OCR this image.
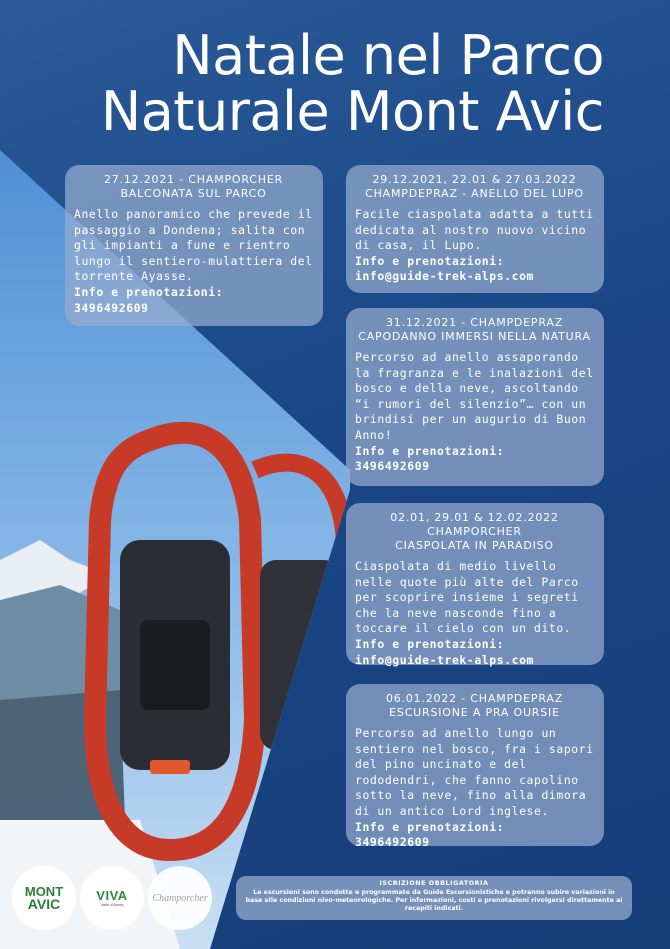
Natale nel Parco
Naturale Mont Avic
27.12.2021 - CHAMPORCHER
BALCONATA SUL PARCO
Anello panoramico che prevede il passaggio a Dondena; salita con gli impianti a fune e rientro lungo il sentiero-mulattiera del torrente Ayasse.
Info e prenotazioni:
3496492609
29.12.2021, 22.01 & 27.03.2022
CHAMPDEPRAZ - ANELLO DEL LUPO
Facile ciaspolata adatta a tutti dedicata al nostro nuovo vicino di casa, il Lupo.
Info e prenotazioni:
info@guide-trek-alps.com
31.12.2021 - CHAMPDEPRAZ
CAPODANNO IMMERSI NELLA NATURA
Percorso ad anello assaporando la fragranza e le inalazioni del bosco e della neve, ascoltando “i rumori del silenzio”… con un brindisi per un augurio di Buon Anno!
Info e prenotazioni:
3496492609
02.01, 29.01 & 12.02.2022
CHAMPORCHER
CIASPOLATA IN PARADISO
Ciaspolata di medio livello nelle quote più alte del Parco per scoprire insieme i segreti che la neve nasconde fino a toccare il cielo con un dito.
Info e prenotazioni:
info@guide-trek-alps.com
06.01.2022 - CHAMPDEPRAZ
ESCURSIONE A PRA OURSIE
Percorso ad anello lungo un sentiero nel bosco, fra i sapori del pino uncinato e del rododendri, che fanno capolino sotto la neve, fino alla dimora di un antico Lord inglese.
Info e prenotazioni:
3496492609
MONT
AVIC	VIVA
Valle d'Aosta
Champorcher
ISCRIZIONE OBBLIGATORIA
Le escursioni sono condotte e programmate da Guide Escursionistiche e potranno subire variazioni in base alle condizioni nivo-meteorologiche. Per informazioni, costi e prenotazioni rivolgersi direttamente ai recapiti indicati.
